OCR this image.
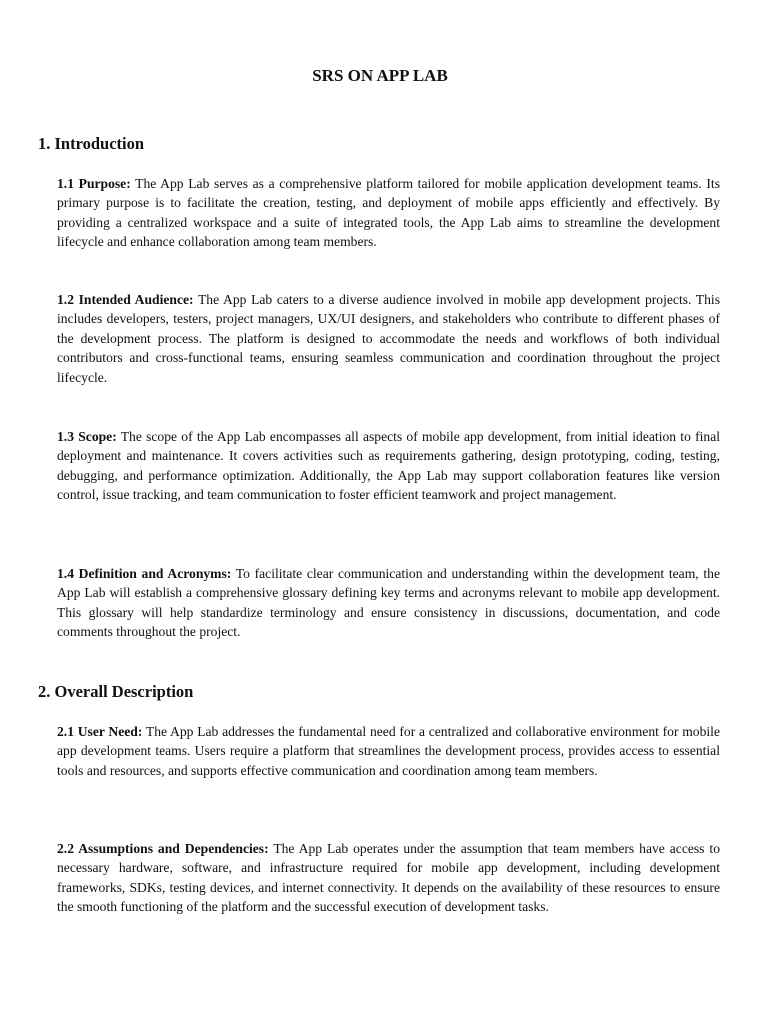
SRS ON APP LAB
1. Introduction

1.1 Purpose: The App Lab serves as a comprehensive platform tailored for mobile application development teams. Its primary purpose is to facilitate the creation, testing, and deployment of mobile apps efficiently and effectively. By providing a centralized workspace and a suite of integrated tools, the App Lab aims to streamline the development lifecycle and enhance collaboration among team members.

1.2 Intended Audience: The App Lab caters to a diverse audience involved in mobile app development projects. This includes developers, testers, project managers, UX/UI designers, and stakeholders who contribute to different phases of the development process. The platform is designed to accommodate the needs and workflows of both individual contributors and cross-functional teams, ensuring seamless communication and coordination throughout the project lifecycle.

1.3 Scope: The scope of the App Lab encompasses all aspects of mobile app development, from initial ideation to final deployment and maintenance. It covers activities such as requirements gathering, design prototyping, coding, testing, debugging, and performance optimization. Additionally, the App Lab may support collaboration features like version control, issue tracking, and team communication to foster efficient teamwork and project management.

1.4 Definition and Acronyms: To facilitate clear communication and understanding within the development team, the App Lab will establish a comprehensive glossary defining key terms and acronyms relevant to mobile app development. This glossary will help standardize terminology and ensure consistency in discussions, documentation, and code comments throughout the project.

2. Overall Description

2.1 User Need: The App Lab addresses the fundamental need for a centralized and collaborative environment for mobile app development teams. Users require a platform that streamlines the development process, provides access to essential tools and resources, and supports effective communication and coordination among team members.

2.2 Assumptions and Dependencies: The App Lab operates under the assumption that team members have access to necessary hardware, software, and infrastructure required for mobile app development, including development frameworks, SDKs, testing devices, and internet connectivity. It depends on the availability of these resources to ensure the smooth functioning of the platform and the successful execution of development tasks.
